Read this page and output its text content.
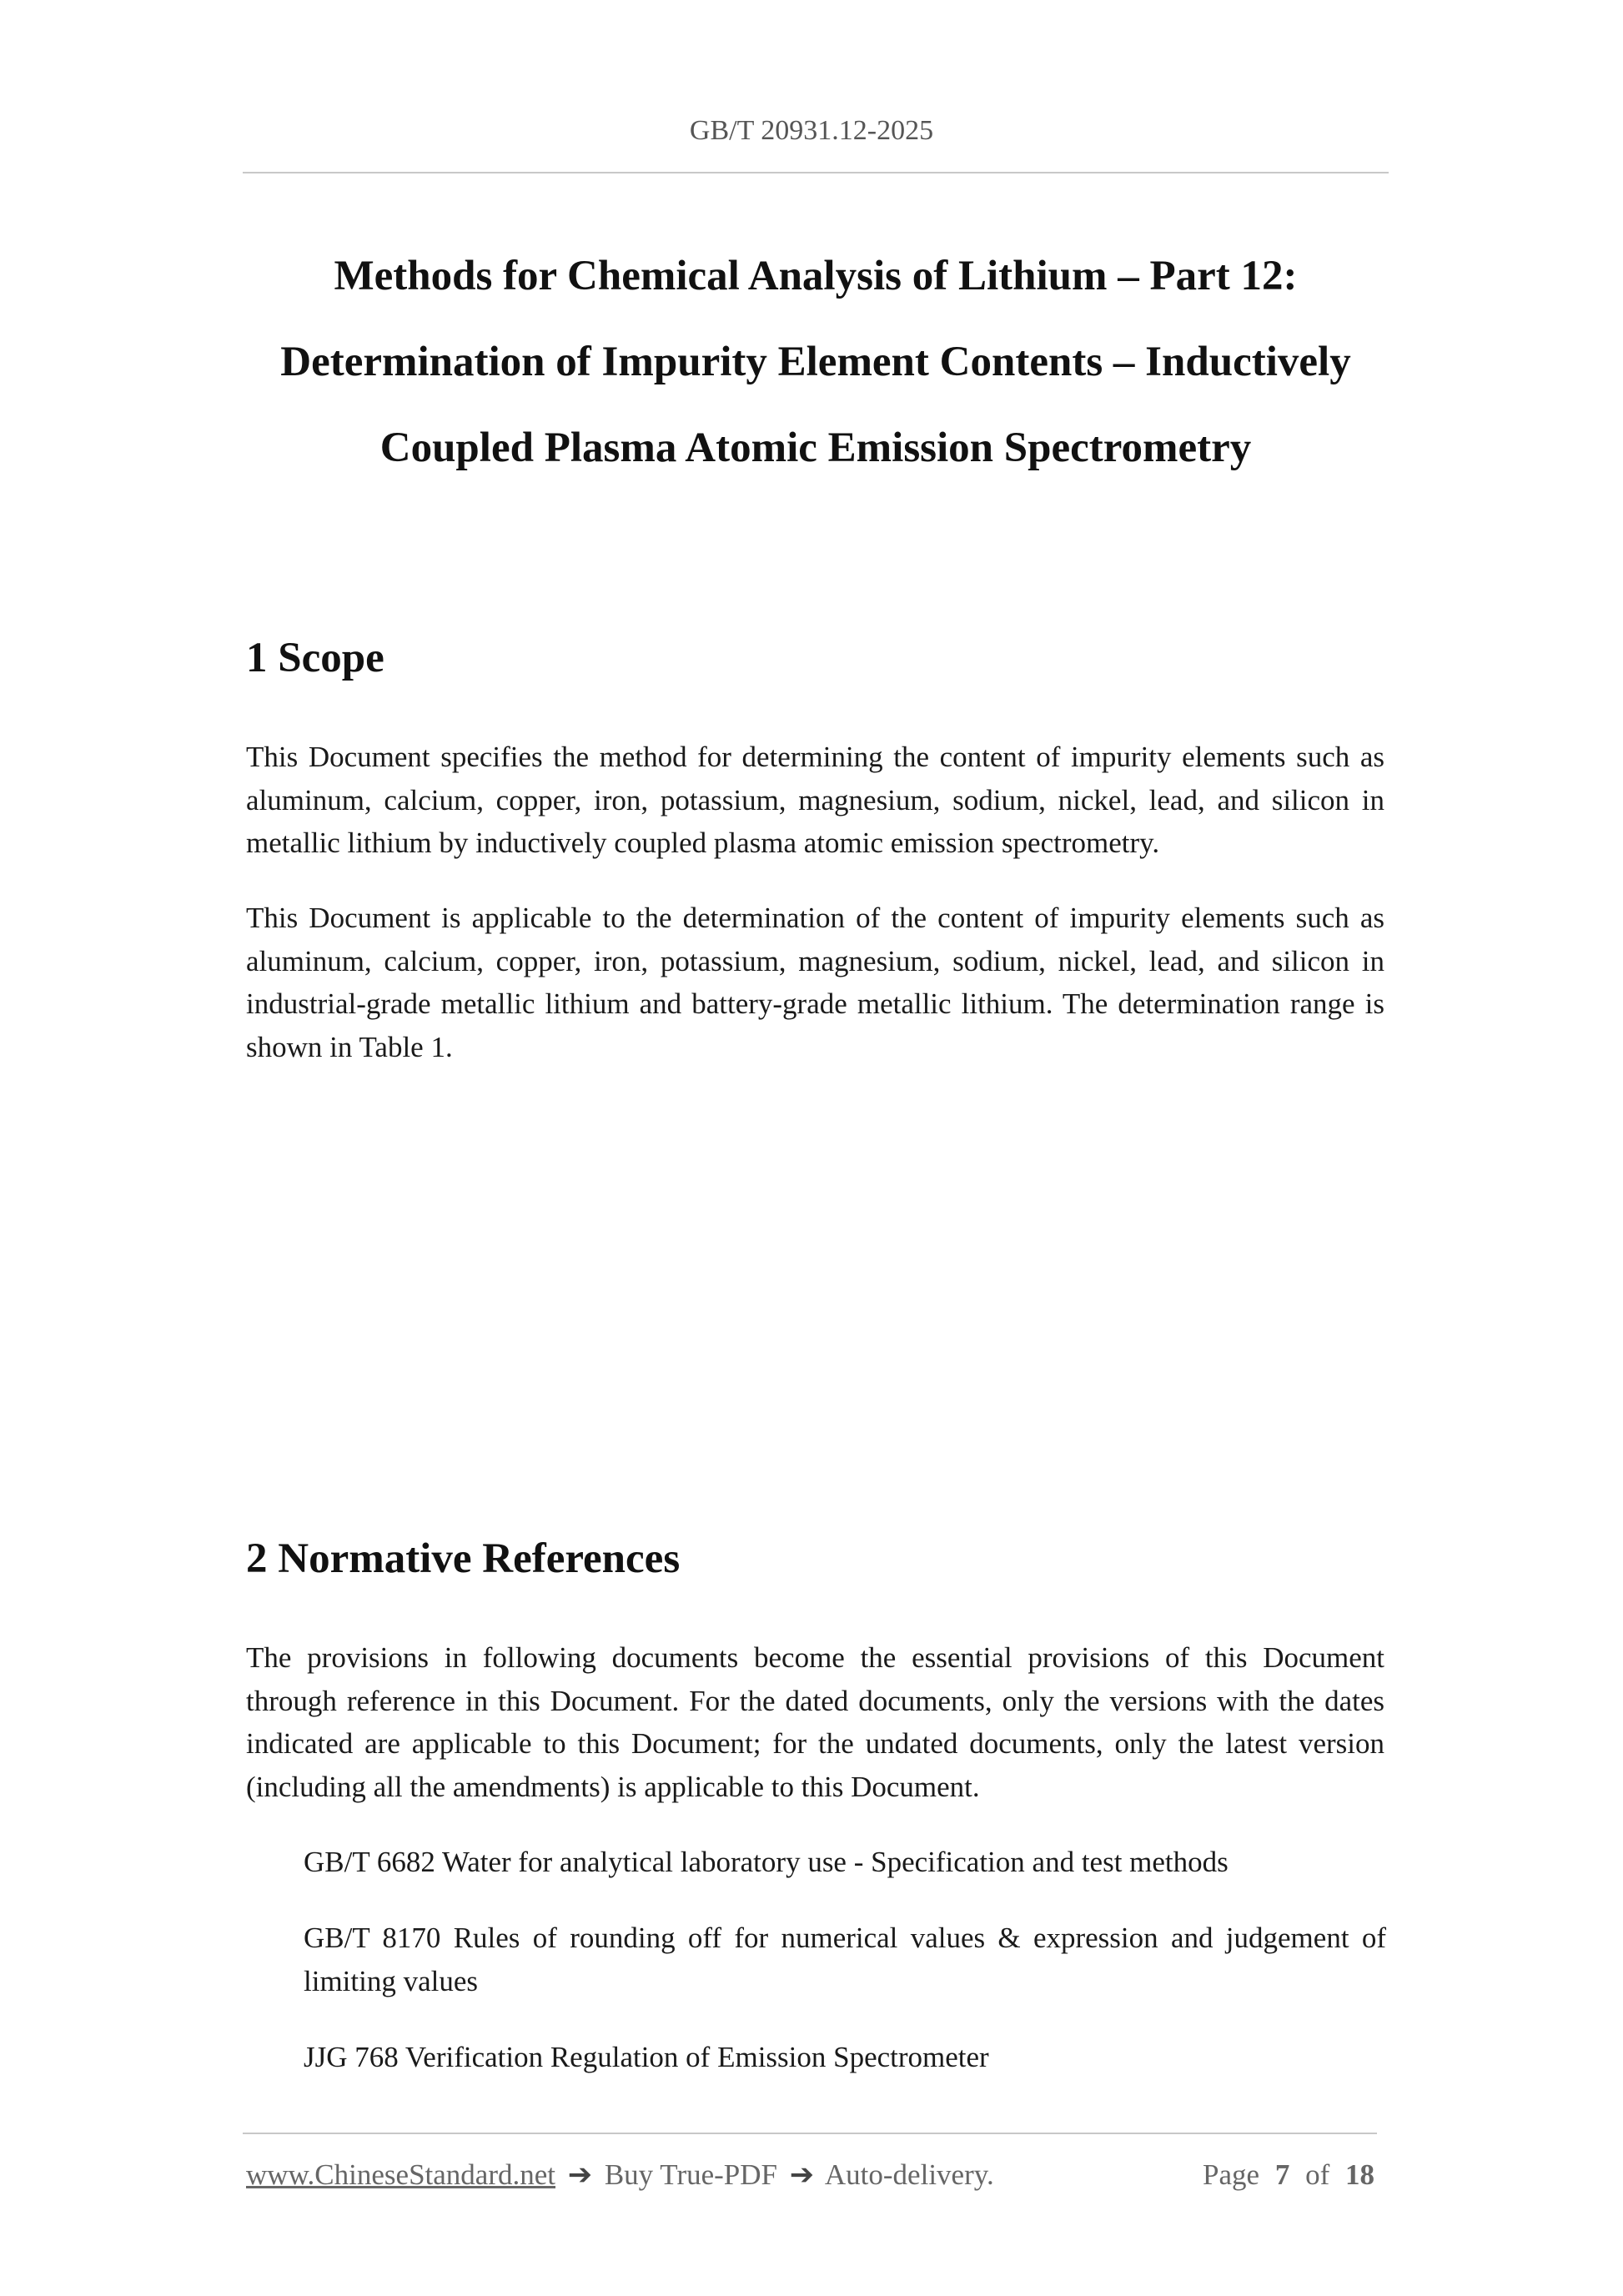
GB/T 20931.12-2025
Methods for Chemical Analysis of Lithium – Part 12:
Determination of Impurity Element Contents – Inductively
Coupled Plasma Atomic Emission Spectrometry
1 Scope
This Document specifies the method for determining the content of impurity elements such as aluminum, calcium, copper, iron, potassium, magnesium, sodium, nickel, lead, and silicon in metallic lithium by inductively coupled plasma atomic emission spectrometry.
This Document is applicable to the determination of the content of impurity elements such as aluminum, calcium, copper, iron, potassium, magnesium, sodium, nickel, lead, and silicon in industrial-grade metallic lithium and battery-grade metallic lithium. The determination range is shown in Table 1.
2 Normative References
The provisions in following documents become the essential provisions of this Document through reference in this Document. For the dated documents, only the versions with the dates indicated are applicable to this Document; for the undated documents, only the latest version (including all the amendments) is applicable to this Document.
GB/T 6682 Water for analytical laboratory use - Specification and test methods
GB/T 8170 Rules of rounding off for numerical values & expression and judgement of limiting values
JJG 768 Verification Regulation of Emission Spectrometer
www.ChineseStandard.net ➔ Buy True-PDF ➔ Auto-delivery.	Page 7 of 18
